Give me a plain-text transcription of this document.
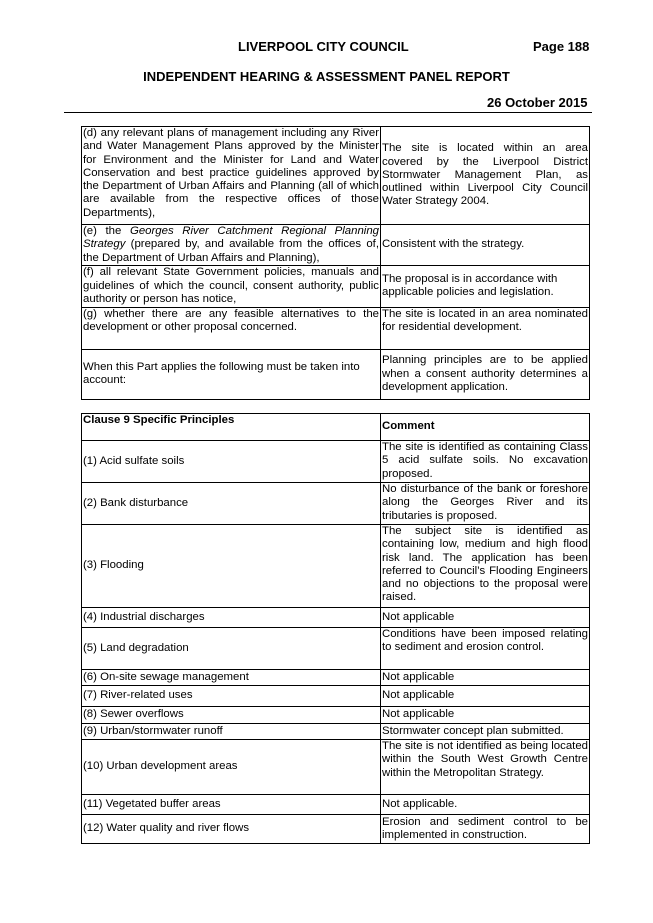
LIVERPOOL CITY COUNCIL	Page 188
INDEPENDENT HEARING & ASSESSMENT PANEL REPORT
26 October 2015
(d) any relevant plans of management including any River and Water Management Plans approved by the Minister for Environment and the Minister for Land and Water Conservation and best practice guidelines approved by the Department of Urban Affairs and Planning (all of which are available from the respective offices of those Departments),	The site is located within an area covered by the Liverpool District Stormwater Management Plan, as outlined within Liverpool City Council Water Strategy 2004.
(e) the Georges River Catchment Regional Planning Strategy (prepared by, and available from the offices of, the Department of Urban Affairs and Planning),	Consistent with the strategy.
(f) all relevant State Government policies, manuals and guidelines of which the council, consent authority, public authority or person has notice,	The proposal is in accordance with applicable policies and legislation.
(g) whether there are any feasible alternatives to the development or other proposal concerned.	The site is located in an area nominated for residential development.
When this Part applies the following must be taken into account:	Planning principles are to be applied when a consent authority determines a development application.
Clause 9 Specific Principles	Comment
(1) Acid sulfate soils	The site is identified as containing Class 5 acid sulfate soils. No excavation proposed.
(2) Bank disturbance	No disturbance of the bank or foreshore along the Georges River and its tributaries is proposed.
(3) Flooding	The subject site is identified as containing low, medium and high flood risk land. The application has been referred to Council’s Flooding Engineers and no objections to the proposal were raised.
(4) Industrial discharges	Not applicable
(5) Land degradation	Conditions have been imposed relating to sediment and erosion control.
(6) On-site sewage management	Not applicable
(7) River-related uses	Not applicable
(8) Sewer overflows	Not applicable
(9) Urban/stormwater runoff	Stormwater concept plan submitted.
(10) Urban development areas	The site is not identified as being located within the South West Growth Centre within the Metropolitan Strategy.
(11) Vegetated buffer areas	Not applicable.
(12) Water quality and river flows	Erosion and sediment control to be implemented in construction.
